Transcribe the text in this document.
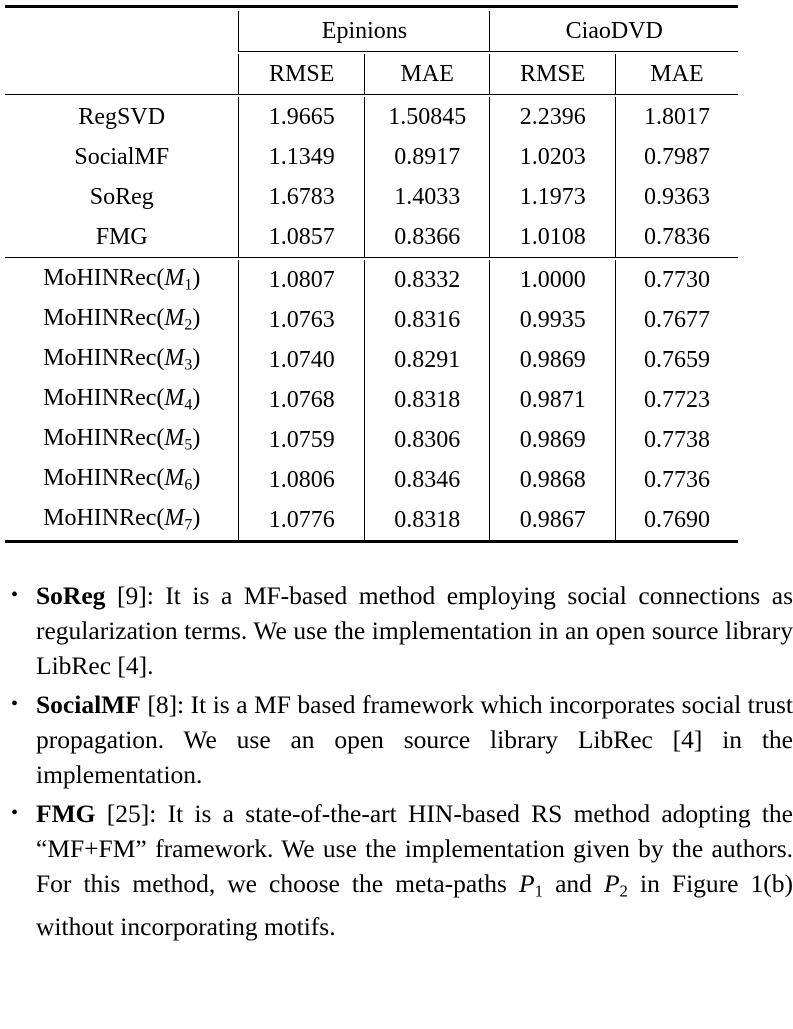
	Epinions		CiaoDVD	

	RMSE	MAE	RMSE	MAE

RegSVD	1.9665	1.50845	2.2396	1.8017
SocialMF	1.1349	0.8917	1.0203	0.7987
SoReg	1.6783	1.4033	1.1973	0.9363
FMG	1.0857	0.8366	1.0108	0.7836

$MoHINRec(M_1)$	1.0807	0.8332	1.0000	0.7730
$MoHINRec(M_2)$	1.0763	0.8316	0.9935	0.7677
$MoHINRec(M_3)$	1.0740	0.8291	0.9869	0.7659
$MoHINRec(M_4)$	1.0768	0.8318	0.9871	0.7723
$MoHINRec(M_5)$	1.0759	0.8306	0.9869	0.7738
$MoHINRec(M_6)$	1.0806	0.8346	0.9868	0.7736
$MoHINRec(M_7)$	1.0776	0.8318	0.9867	0.7690

• SoReg [9]: It is a MF-based method employing social connections as regularization terms. We use the implementation in an open source library LibRec [4].
• SocialMF [8]: It is a MF based framework which incorporates social trust propagation. We use an open source library LibRec [4] in the implementation.
• FMG [25]: It is a state-of-the-art HIN-based RS method adopting the “MF+FM” framework. We use the implementation given by the authors. For this method, we choose the meta-paths $P_1$ and $P_2$ in Figure 1(b) without incorporating motifs.
